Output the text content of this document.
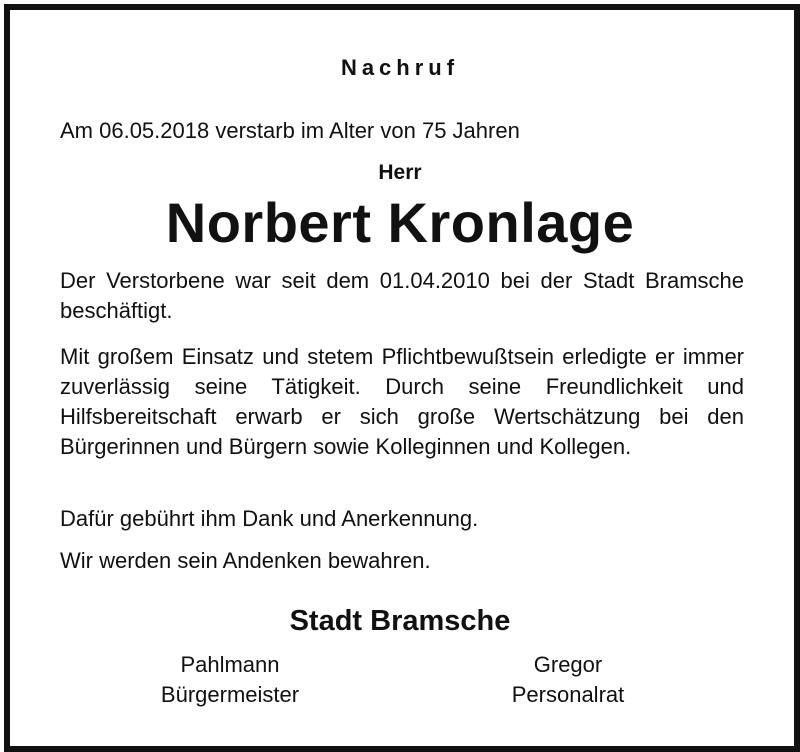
Nachruf
Am 06.05.2018 verstarb im Alter von 75 Jahren
Herr
Norbert Kronlage

Der Verstorbene war seit dem 01.04.2010 bei der Stadt Bramsche beschäftigt.

Mit großem Einsatz und stetem Pflichtbewußtsein erledigte er immer zuverlässig seine Tätigkeit. Durch seine Freundlichkeit und Hilfsbereitschaft erwarb er sich große Wertschätzung bei den Bürgerinnen und Bürgern sowie Kolleginnen und Kollegen.

Dafür gebührt ihm Dank und Anerkennung.

Wir werden sein Andenken bewahren.

Stadt Bramsche
Pahlmann
Bürgermeister
Gregor
Personalrat
